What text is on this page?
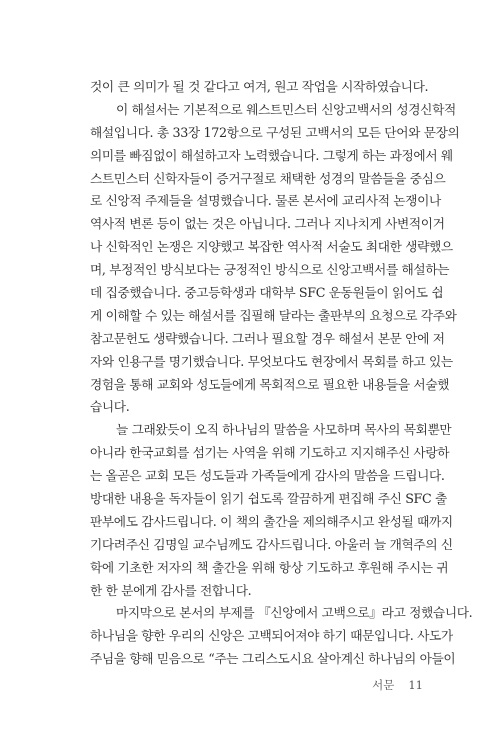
것이 큰 의미가 될 것 같다고 여겨, 원고 작업을 시작하였습니다.
이 해설서는 기본적으로 웨스트민스터 신앙고백서의 성경신학적
해설입니다. 총 33장 172항으로 구성된 고백서의 모든 단어와 문장의
의미를 빠짐없이 해설하고자 노력했습니다. 그렇게 하는 과정에서 웨
스트민스터 신학자들이 증거구절로 채택한 성경의 말씀들을 중심으
로 신앙적 주제들을 설명했습니다. 물론 본서에 교리사적 논쟁이나
역사적 변론 등이 없는 것은 아닙니다. 그러나 지나치게 사변적이거
나 신학적인 논쟁은 지양했고 복잡한 역사적 서술도 최대한 생략했으
며, 부정적인 방식보다는 긍정적인 방식으로 신앙고백서를 해설하는
데 집중했습니다. 중고등학생과 대학부 SFC 운동원들이 읽어도 쉽
게 이해할 수 있는 해설서를 집필해 달라는 출판부의 요청으로 각주와
참고문헌도 생략했습니다. 그러나 필요할 경우 해설서 본문 안에 저
자와 인용구를 명기했습니다. 무엇보다도 현장에서 목회를 하고 있는
경험을 통해 교회와 성도들에게 목회적으로 필요한 내용들을 서술했
습니다.
늘 그래왔듯이 오직 하나님의 말씀을 사모하며 목사의 목회뿐만
아니라 한국교회를 섬기는 사역을 위해 기도하고 지지해주신 사랑하
는 올곧은 교회 모든 성도들과 가족들에게 감사의 말씀을 드립니다.
방대한 내용을 독자들이 읽기 쉽도록 깔끔하게 편집해 주신 SFC 출
판부에도 감사드립니다. 이 책의 출간을 제의해주시고 완성될 때까지
기다려주신 김명일 교수님께도 감사드립니다. 아울러 늘 개혁주의 신
학에 기초한 저자의 책 출간을 위해 항상 기도하고 후원해 주시는 귀
한 한 분에게 감사를 전합니다.
마지막으로 본서의 부제를 『신앙에서 고백으로』라고 정했습니다.
하나님을 향한 우리의 신앙은 고백되어져야 하기 때문입니다. 사도가
주님을 향해 믿음으로 “주는 그리스도시요 살아계신 하나님의 아들이
서문 11
